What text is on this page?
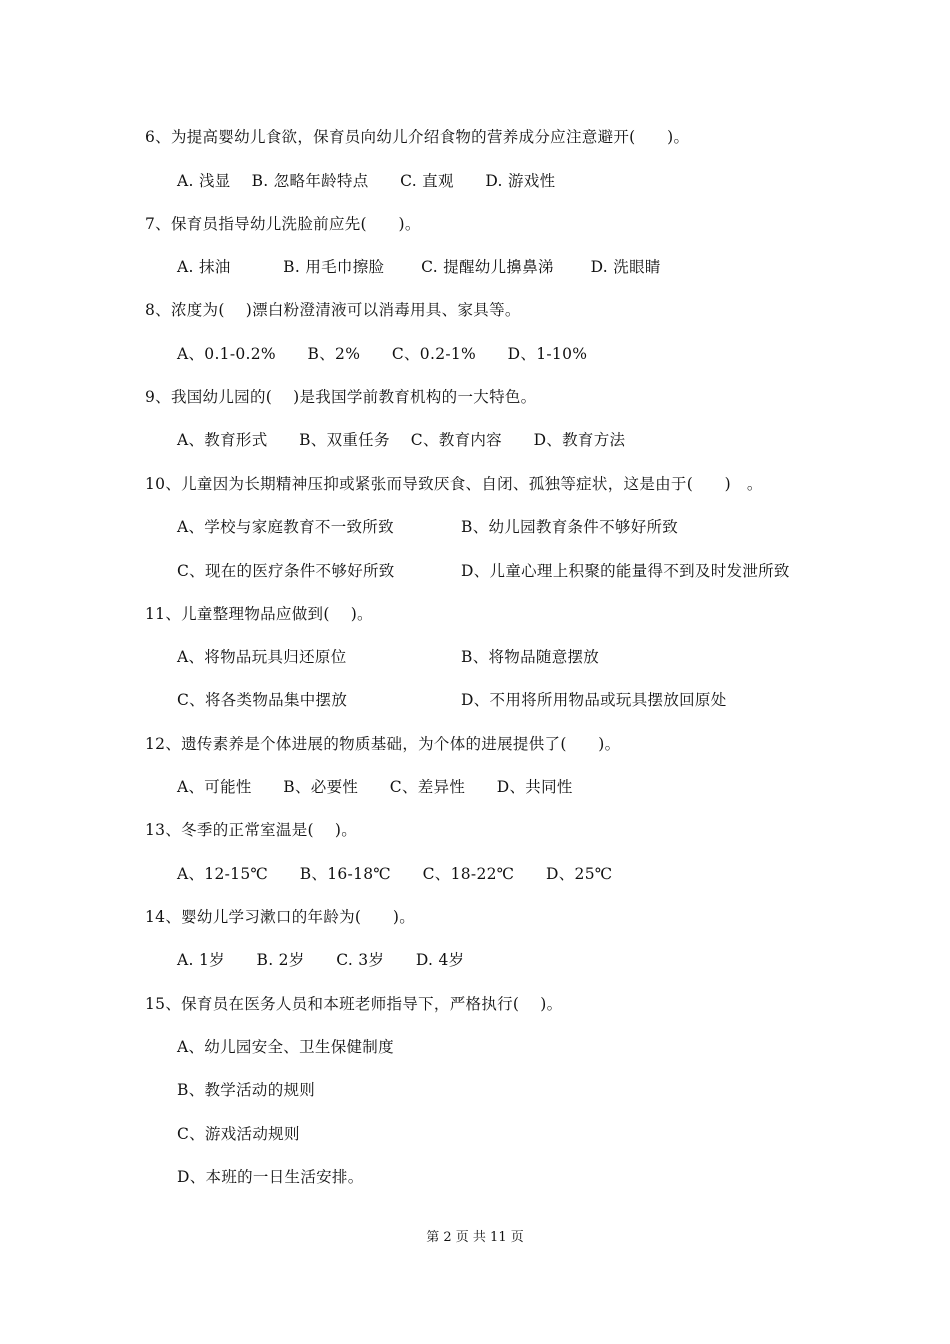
6、为提高婴幼儿食欲，保育员向幼儿介绍食物的营养成分应注意避开(　　)。
A. 浅显　 B. 忽略年龄特点　　C. 直观　　D. 游戏性
7、保育员指导幼儿洗脸前应先(　　)。
A. 抹油　　　 B. 用毛巾擦脸　　 C. 提醒幼儿擤鼻涕　　 D. 洗眼睛
8、浓度为(　 )漂白粉澄清液可以消毒用具、家具等。
A、0.1-0.2%　　B、2%　　C、0.2-1%　　D、1-10%
9、我国幼儿园的(　 )是我国学前教育机构的一大特色。
A、教育形式　　B、双重任务　 C、教育内容　　D、教育方法
10、儿童因为长期精神压抑或紧张而导致厌食、自闭、孤独等症状，这是由于(　　)　。
A、学校与家庭教育不一致所致	B、幼儿园教育条件不够好所致
C、现在的医疗条件不够好所致	D、儿童心理上积聚的能量得不到及时发泄所致
11、儿童整理物品应做到(　 )。
A、将物品玩具归还原位	B、将物品随意摆放
C、将各类物品集中摆放	D、不用将所用物品或玩具摆放回原处
12、遗传素养是个体进展的物质基础，为个体的进展提供了(　　)。
A、可能性　　B、必要性　　C、差异性　　D、共同性
13、冬季的正常室温是(　 )。
A、12-15℃　　B、16-18℃　　C、18-22℃　　D、25℃
14、婴幼儿学习漱口的年龄为(　　)。
A. 1岁　　B. 2岁　　C. 3岁　　D. 4岁
15、保育员在医务人员和本班老师指导下，严格执行(　 )。
A、幼儿园安全、卫生保健制度
B、教学活动的规则
C、游戏活动规则
D、本班的一日生活安排。
第 2 页 共 11 页
